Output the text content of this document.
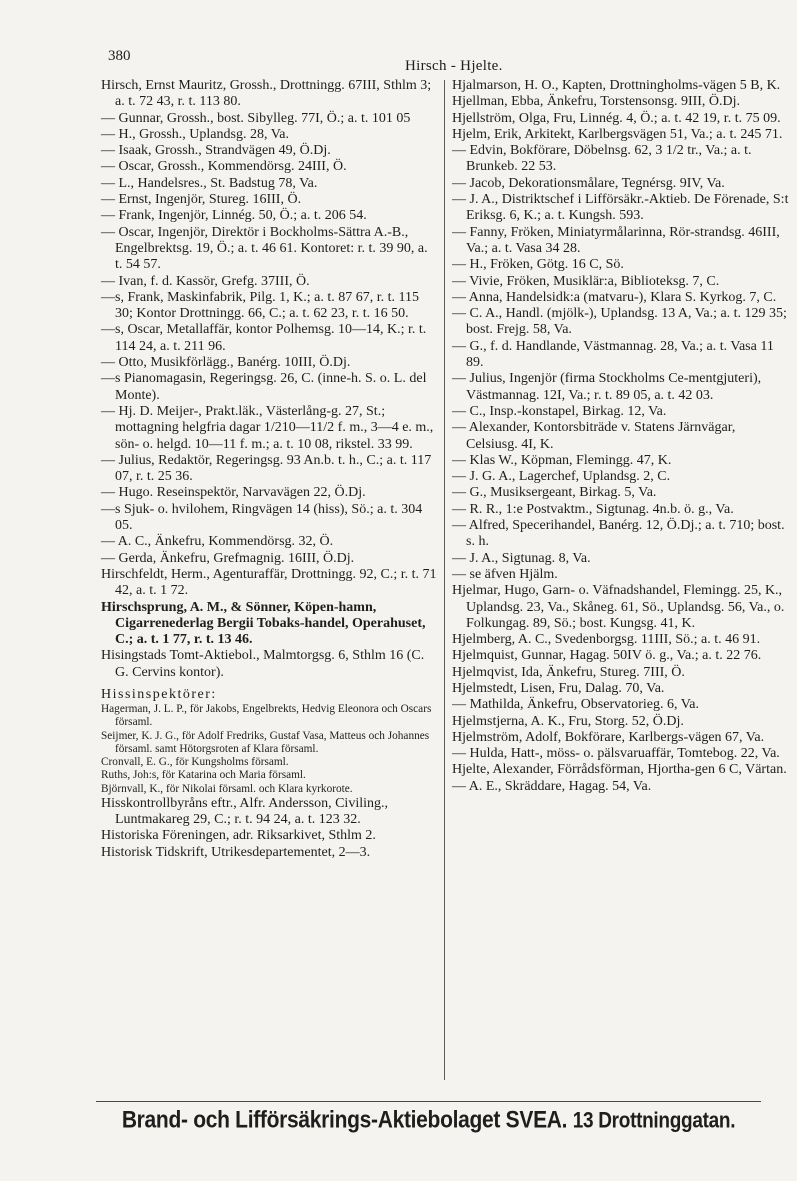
380
Hirsch - Hjelte.

Hirsch, Ernst Mauritz, Grossh., Drottningg. 67III, Sthlm 3; a. t. 72 43, r. t. 113 80.

— Gunnar, Grossh., bost. Sibylleg. 77I, Ö.; a. t. 101 05

— H., Grossh., Uplandsg. 28, Va.

— Isaak, Grossh., Strandvägen 49, Ö.Dj.

— Oscar, Grossh., Kommendörsg. 24III, Ö.

— L., Handelsres., St. Badstug 78, Va.

— Ernst, Ingenjör, Stureg. 16III, Ö.

— Frank, Ingenjör, Linnég. 50, Ö.; a. t. 206 54.

— Oscar, Ingenjör, Direktör i Bockholms-Sättra A.-B., Engelbrektsg. 19, Ö.; a. t. 46 61. Kontoret: r. t. 39 90, a. t. 54 57.

— Ivan, f. d. Kassör, Grefg. 37III, Ö.

—s, Frank, Maskinfabrik, Pilg. 1, K.; a. t. 87 67, r. t. 115 30; Kontor Drottningg. 66, C.; a. t. 62 23, r. t. 16 50.

—s, Oscar, Metallaffär, kontor Polhemsg. 10—14, K.; r. t. 114 24, a. t. 211 96.

— Otto, Musikförlägg., Banérg. 10III, Ö.Dj.

—s Pianomagasin, Regeringsg. 26, C. (inne-h. S. o. L. del Monte).

— Hj. D. Meijer-, Prakt.läk., Västerlång-g. 27, St.; mottagning helgfria dagar 1/210—11/2 f. m., 3—4 e. m., sön- o. helgd. 10—11 f. m.; a. t. 10 08, rikstel. 33 99.

— Julius, Redaktör, Regeringsg. 93 An.b. t. h., C.; a. t. 117 07, r. t. 25 36.

— Hugo. Reseinspektör, Narvavägen 22, Ö.Dj.

—s Sjuk- o. hvilohem, Ringvägen 14 (hiss), Sö.; a. t. 304 05.

— A. C., Änkefru, Kommendörsg. 32, Ö.

— Gerda, Änkefru, Grefmagnig. 16III, Ö.Dj.

Hirschfeldt, Herm., Agenturaffär, Drottningg. 92, C.; r. t. 71 42, a. t. 1 72.

Hirschsprung, A. M., & Sönner, Köpen-hamn, Cigarrenederlag Bergii Tobaks-handel, Operahuset, C.; a. t. 1 77, r. t. 13 46.

Hisingstads Tomt-Aktiebol., Malmtorgsg. 6, Sthlm 16 (C. G. Cervins kontor).

Hissinspektörer:

Hagerman, J. L. P., för Jakobs, Engelbrekts, Hedvig Eleonora och Oscars församl.

Seijmer, K. J. G., för Adolf Fredriks, Gustaf Vasa, Matteus och Johannes församl. samt Hötorgsroten af Klara församl.

Cronvall, E. G., för Kungsholms församl.

Ruths, Joh:s, för Katarina och Maria församl.

Björnvall, K., för Nikolai församl. och Klara kyrkorote.

Hisskontrollbyråns eftr., Alfr. Andersson, Civiling., Luntmakareg 29, C.; r. t. 94 24, a. t. 123 32.

Historiska Föreningen, adr. Riksarkivet, Sthlm 2.

Historisk Tidskrift, Utrikesdepartementet, 2—3.

Hjalmarson, H. O., Kapten, Drottningholms-vägen 5 B, K.

Hjellman, Ebba, Änkefru, Torstensonsg. 9III, Ö.Dj.

Hjellström, Olga, Fru, Linnég. 4, Ö.; a. t. 42 19, r. t. 75 09.

Hjelm, Erik, Arkitekt, Karlbergsvägen 51, Va.; a. t. 245 71.

— Edvin, Bokförare, Döbelnsg. 62, 3 1/2 tr., Va.; a. t. Brunkeb. 22 53.

— Jacob, Dekorationsmålare, Tegnérsg. 9IV, Va.

— J. A., Distriktschef i Lifförsäkr.-Aktieb. De Förenade, S:t Eriksg. 6, K.; a. t. Kungsh. 593.

— Fanny, Fröken, Miniatyrmålarinna, Rör-strandsg. 46III, Va.; a. t. Vasa 34 28.

— H., Fröken, Götg. 16 C, Sö.

— Vivie, Fröken, Musiklär:a, Biblioteksg. 7, C.

— Anna, Handelsidk:a (matvaru-), Klara S. Kyrkog. 7, C.

— C. A., Handl. (mjölk-), Uplandsg. 13 A, Va.; a. t. 129 35; bost. Frejg. 58, Va.

— G., f. d. Handlande, Västmannag. 28, Va.; a. t. Vasa 11 89.

— Julius, Ingenjör (firma Stockholms Ce-mentgjuteri), Västmannag. 12I, Va.; r. t. 89 05, a. t. 42 03.

— C., Insp.-konstapel, Birkag. 12, Va.

— Alexander, Kontorsbiträde v. Statens Järnvägar, Celsiusg. 4I, K.

— Klas W., Köpman, Flemingg. 47, K.

— J. G. A., Lagerchef, Uplandsg. 2, C.

— G., Musiksergeant, Birkag. 5, Va.

— R. R., 1:e Postvaktm., Sigtunag. 4n.b. ö. g., Va.

— Alfred, Specerihandel, Banérg. 12, Ö.Dj.; a. t. 710; bost. s. h.

— J. A., Sigtunag. 8, Va.

— se äfven Hjälm.

Hjelmar, Hugo, Garn- o. Väfnadshandel, Flemingg. 25, K., Uplandsg. 23, Va., Skåneg. 61, Sö., Uplandsg. 56, Va., o. Folkungag. 89, Sö.; bost. Kungsg. 41, K.

Hjelmberg, A. C., Svedenborgsg. 11III, Sö.; a. t. 46 91.

Hjelmquist, Gunnar, Hagag. 50IV ö. g., Va.; a. t. 22 76.

Hjelmqvist, Ida, Änkefru, Stureg. 7III, Ö.

Hjelmstedt, Lisen, Fru, Dalag. 70, Va.

— Mathilda, Änkefru, Observatorieg. 6, Va.

Hjelmstjerna, A. K., Fru, Storg. 52, Ö.Dj.

Hjelmström, Adolf, Bokförare, Karlbergs-vägen 67, Va.

— Hulda, Hatt-, möss- o. pälsvaruaffär, Tomtebog. 22, Va.

Hjelte, Alexander, Förrådsförman, Hjortha-gen 6 C, Värtan.

— A. E., Skräddare, Hagag. 54, Va.

Brand- och Lifförsäkrings-Aktiebolaget SVEA. 13 Drottninggatan.
